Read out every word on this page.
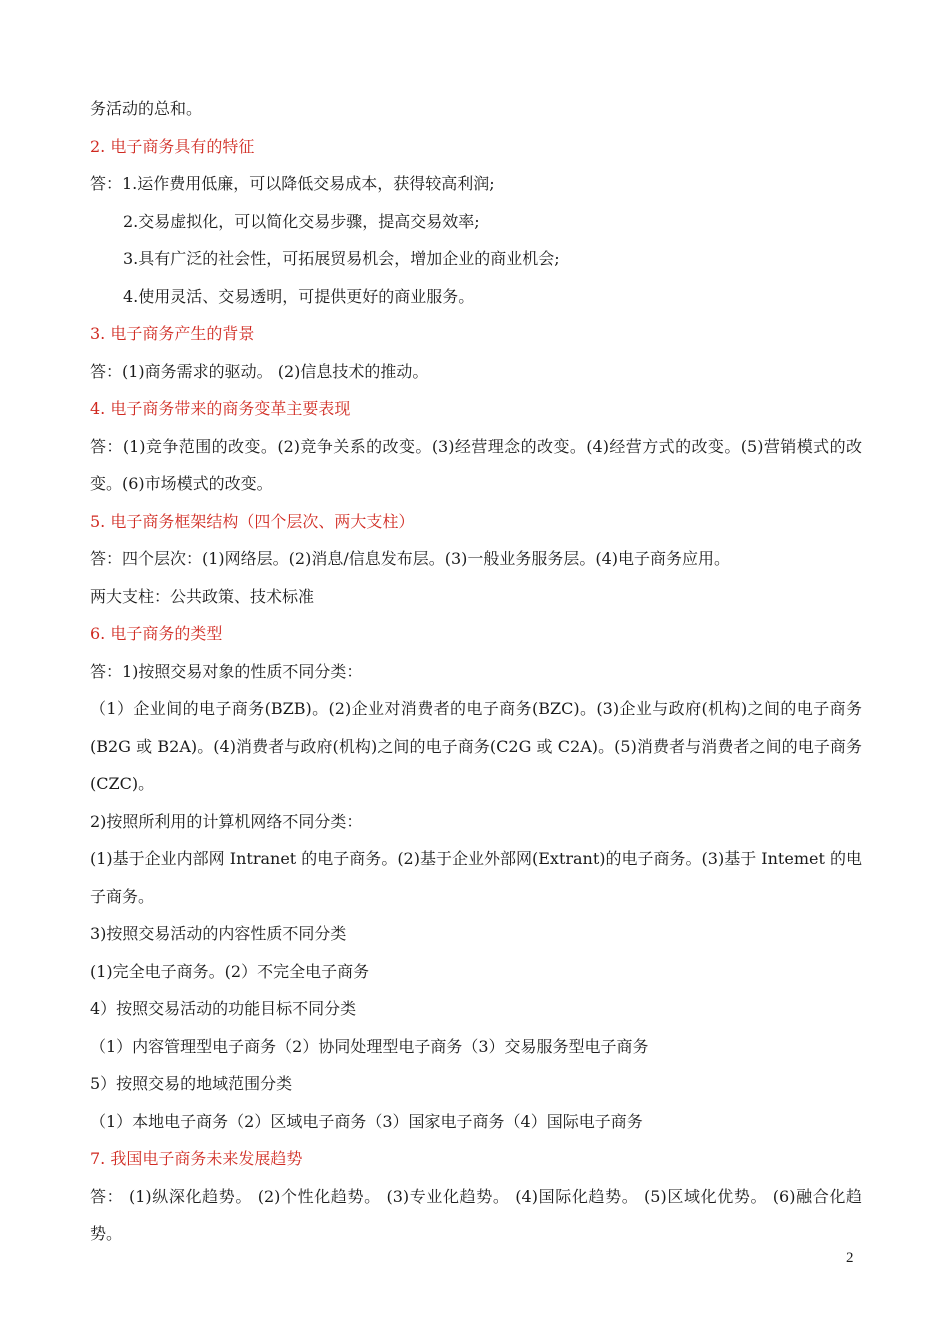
务活动的总和。

2. 电子商务具有的特征

答：1.运作费用低廉，可以降低交易成本，获得较高利润;

2.交易虚拟化，可以简化交易步骤，提高交易效率;

3.具有广泛的社会性，可拓展贸易机会，增加企业的商业机会;

4.使用灵活、交易透明，可提供更好的商业服务。

3. 电子商务产生的背景

答：(1)商务需求的驱动。 (2)信息技术的推动。

4. 电子商务带来的商务变革主要表现

答：(1)竞争范围的改变。(2)竞争关系的改变。(3)经营理念的改变。(4)经营方式的改变。(5)营销模式的改变。(6)市场模式的改变。

5. 电子商务框架结构（四个层次、两大支柱）

答：四个层次：(1)网络层。(2)消息/信息发布层。(3)一般业务服务层。(4)电子商务应用。

两大支柱：公共政策、技术标准

6. 电子商务的类型

答：1)按照交易对象的性质不同分类：

（1）企业间的电子商务(BZB)。(2)企业对消费者的电子商务(BZC)。(3)企业与政府(机构)之间的电子商务(B2G 或 B2A)。(4)消费者与政府(机构)之间的电子商务(C2G 或 C2A)。(5)消费者与消费者之间的电子商务(CZC)。

2)按照所利用的计算机网络不同分类：

(1)基于企业内部网 Intranet 的电子商务。(2)基于企业外部网(Extrant)的电子商务。(3)基于 Intemet 的电子商务。

3)按照交易活动的内容性质不同分类

(1)完全电子商务。(2）不完全电子商务

4）按照交易活动的功能目标不同分类

（1）内容管理型电子商务（2）协同处理型电子商务（3）交易服务型电子商务

5）按照交易的地域范围分类

（1）本地电子商务（2）区域电子商务（3）国家电子商务（4）国际电子商务

7. 我国电子商务未来发展趋势

答： (1)纵深化趋势。 (2)个性化趋势。 (3)专业化趋势。 (4)国际化趋势。 (5)区域化优势。 (6)融合化趋势。

2
